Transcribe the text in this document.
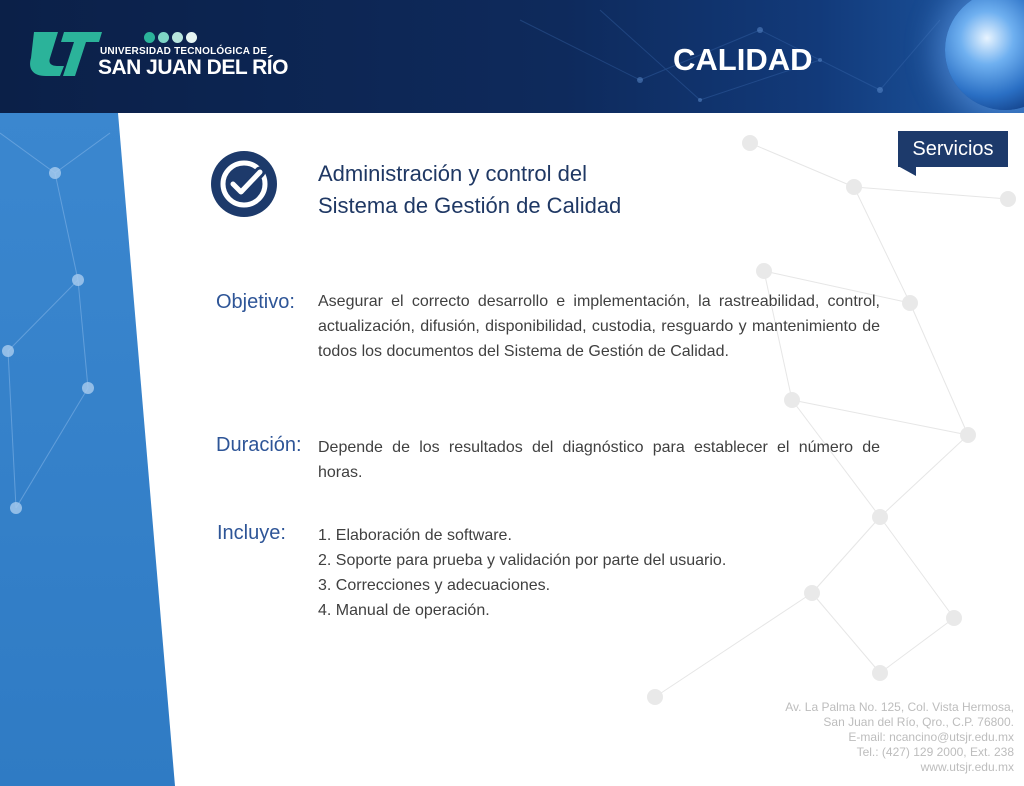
UNIVERSIDAD TECNOLÓGICA DE
SAN JUAN DEL RÍO	CALIDAD
Servicios
Administración y control del
Sistema de Gestión de Calidad
Objetivo: Asegurar el correcto desarrollo e implementación, la rastreabilidad, control, actualización, difusión, disponibilidad, custodia, resguardo y mantenimiento de todos los documentos del Sistema de Gestión de Calidad.
Duración: Depende de los resultados del diagnóstico para establecer el número de horas.
Incluye: 1. Elaboración de software.
2. Soporte para prueba y validación por parte del usuario.
3. Correcciones y adecuaciones.
4. Manual de operación.
Av. La Palma No. 125, Col. Vista Hermosa,
San Juan del Río, Qro., C.P. 76800.
E-mail: ncancino@utsjr.edu.mx
Tel.: (427) 129 2000, Ext. 238
www.utsjr.edu.mx
